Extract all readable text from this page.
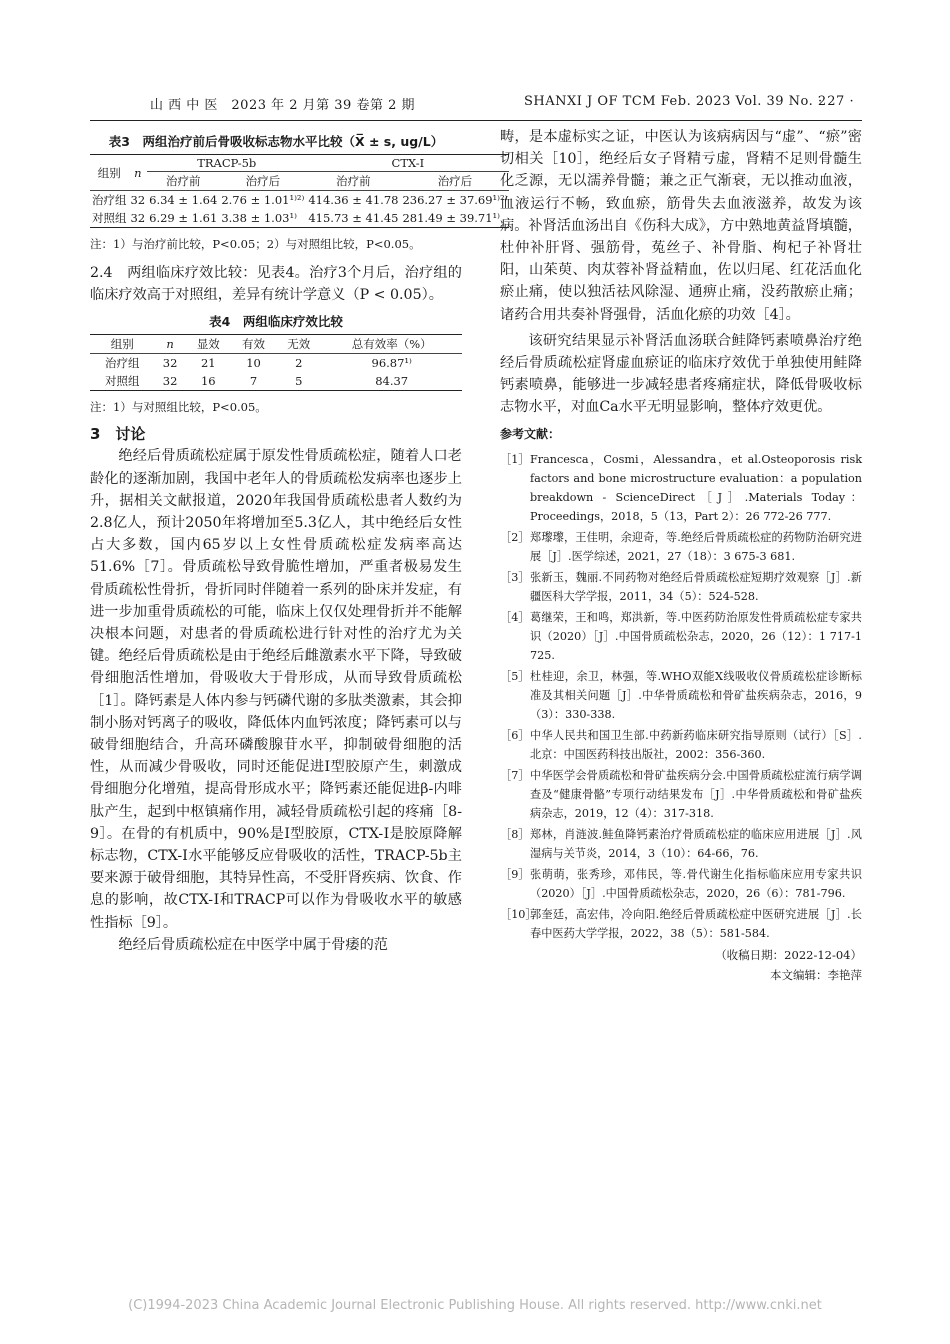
山 西 中 医　2023 年 2 月第 39 卷第 2 期	SHANXI J OF TCM Feb. 2023 Vol. 39 No. 2
· 27 ·
表3　两组治疗前后骨吸收标志物水平比较（X̅ ± s, ug/L）
组别	n	TRACP-5b		CTX-Ⅰ	
		治疗前	治疗后	治疗前	治疗后
治疗组	32	6.34 ± 1.64	2.76 ± 1.01¹⁾²⁾	414.36 ± 41.78	236.27 ± 37.69¹⁾²⁾
对照组	32	6.29 ± 1.61	3.38 ± 1.03¹⁾	415.73 ± 41.45	281.49 ± 39.71¹⁾
注：1）与治疗前比较，P<0.05；2）与对照组比较，P<0.05。

2.4　两组临床疗效比较：见表4。治疗3个月后，治疗组的临床疗效高于对照组，差异有统计学意义（P < 0.05）。

表4　两组临床疗效比较
组别	n	显效	有效	无效	总有效率（%）
治疗组	32	21	10	2	96.87¹⁾
对照组	32	16	7	5	84.37
注：1）与对照组比较，P<0.05。

3　讨论

绝经后骨质疏松症属于原发性骨质疏松症，随着人口老龄化的逐渐加剧，我国中老年人的骨质疏松发病率也逐步上升，据相关文献报道，2020年我国骨质疏松患者人数约为2.8亿人，预计2050年将增加至5.3亿人，其中绝经后女性占大多数，国内65岁以上女性骨质疏松症发病率高达51.6%［7］。骨质疏松导致骨脆性增加，严重者极易发生骨质疏松性骨折，骨折同时伴随着一系列的卧床并发症，有进一步加重骨质疏松的可能，临床上仅仅处理骨折并不能解决根本问题，对患者的骨质疏松进行针对性的治疗尤为关键。绝经后骨质疏松是由于绝经后雌激素水平下降，导致破骨细胞活性增加，骨吸收大于骨形成，从而导致骨质疏松［1］。降钙素是人体内参与钙磷代谢的多肽类激素，其会抑制小肠对钙离子的吸收，降低体内血钙浓度；降钙素可以与破骨细胞结合，升高环磷酸腺苷水平，抑制破骨细胞的活性，从而减少骨吸收，同时还能促进Ⅰ型胶原产生，刺激成骨细胞分化增殖，提高骨形成水平；降钙素还能促进β-内啡肽产生，起到中枢镇痛作用，减轻骨质疏松引起的疼痛［8-9］。在骨的有机质中，90%是Ⅰ型胶原，CTX-Ⅰ是胶原降解标志物，CTX-Ⅰ水平能够反应骨吸收的活性，TRACP-5b主要来源于破骨细胞，其特异性高，不受肝肾疾病、饮食、作息的影响，故CTX-Ⅰ和TRACP可以作为骨吸收水平的敏感性指标［9］。

绝经后骨质疏松症在中医学中属于骨痿的范

畴，是本虚标实之证，中医认为该病病因与“虚”、“瘀”密切相关［10］，绝经后女子肾精亏虚，肾精不足则骨髓生化乏源，无以濡养骨髓；兼之正气渐衰，无以推动血液，血液运行不畅，致血瘀，筋骨失去血液滋养，故发为该病。补肾活血汤出自《伤科大成》，方中熟地黄益肾填髓，杜仲补肝肾、强筋骨，菟丝子、补骨脂、枸杞子补肾壮阳，山茱萸、肉苁蓉补肾益精血，佐以归尾、红花活血化瘀止痛，使以独活祛风除湿、通痹止痛，没药散瘀止痛；诸药合用共奏补肾强骨，活血化瘀的功效［4］。

该研究结果显示补肾活血汤联合鲑降钙素喷鼻治疗绝经后骨质疏松症肾虚血瘀证的临床疗效优于单独使用鲑降钙素喷鼻，能够进一步减轻患者疼痛症状，降低骨吸收标志物水平，对血Ca水平无明显影响，整体疗效更优。

参考文献：
［1］ Francesca，Cosmi，Alessandra，et al.Osteoporosis risk factors and bone microstructure evaluation：a population breakdown - ScienceDirect［J］.Materials Today：Proceedings，2018，5（13，Part 2）：26 772-26 777.
［2］ 郑瓈瓈，王佳明，余迎奇，等.绝经后骨质疏松症的药物防治研究进展［J］.医学综述，2021，27（18）：3 675-3 681.
［3］ 张新玉，魏丽.不同药物对绝经后骨质疏松症短期疗效观察［J］.新疆医科大学学报，2011，34（5）：524-528.
［4］ 葛继荣，王和鸣，郑洪新，等.中医药防治原发性骨质疏松症专家共识（2020）［J］.中国骨质疏松杂志，2020，26（12）：1 717-1 725.
［5］ 杜桂迎，余卫，林强，等.WHO双能X线吸收仪骨质疏松症诊断标准及其相关问题［J］.中华骨质疏松和骨矿盐疾病杂志，2016，9（3）：330-338.
［6］ 中华人民共和国卫生部.中药新药临床研究指导原则（试行）［S］.北京：中国医药科技出版社，2002：356-360.
［7］ 中华医学会骨质疏松和骨矿盐疾病分会.中国骨质疏松症流行病学调查及“健康骨骼”专项行动结果发布［J］.中华骨质疏松和骨矿盐疾病杂志，2019，12（4）：317-318.
［8］ 郑林，肖涟波.鲑鱼降钙素治疗骨质疏松症的临床应用进展［J］.风湿病与关节炎，2014，3（10）：64-66，76.
［9］ 张萌萌，张秀珍，邓伟民，等.骨代谢生化指标临床应用专家共识（2020）［J］.中国骨质疏松杂志，2020，26（6）：781-796.
［10］
郭奎廷，高宏伟，冷向阳.绝经后骨质疏松症中医研究进展［J］.长春中医药大学学报，2022，38（5）：581-584.
（收稿日期：2022-12-04）
本文编辑：李艳萍
(C)1994-2023 China Academic Journal Electronic Publishing House. All rights reserved. http://www.cnki.net
